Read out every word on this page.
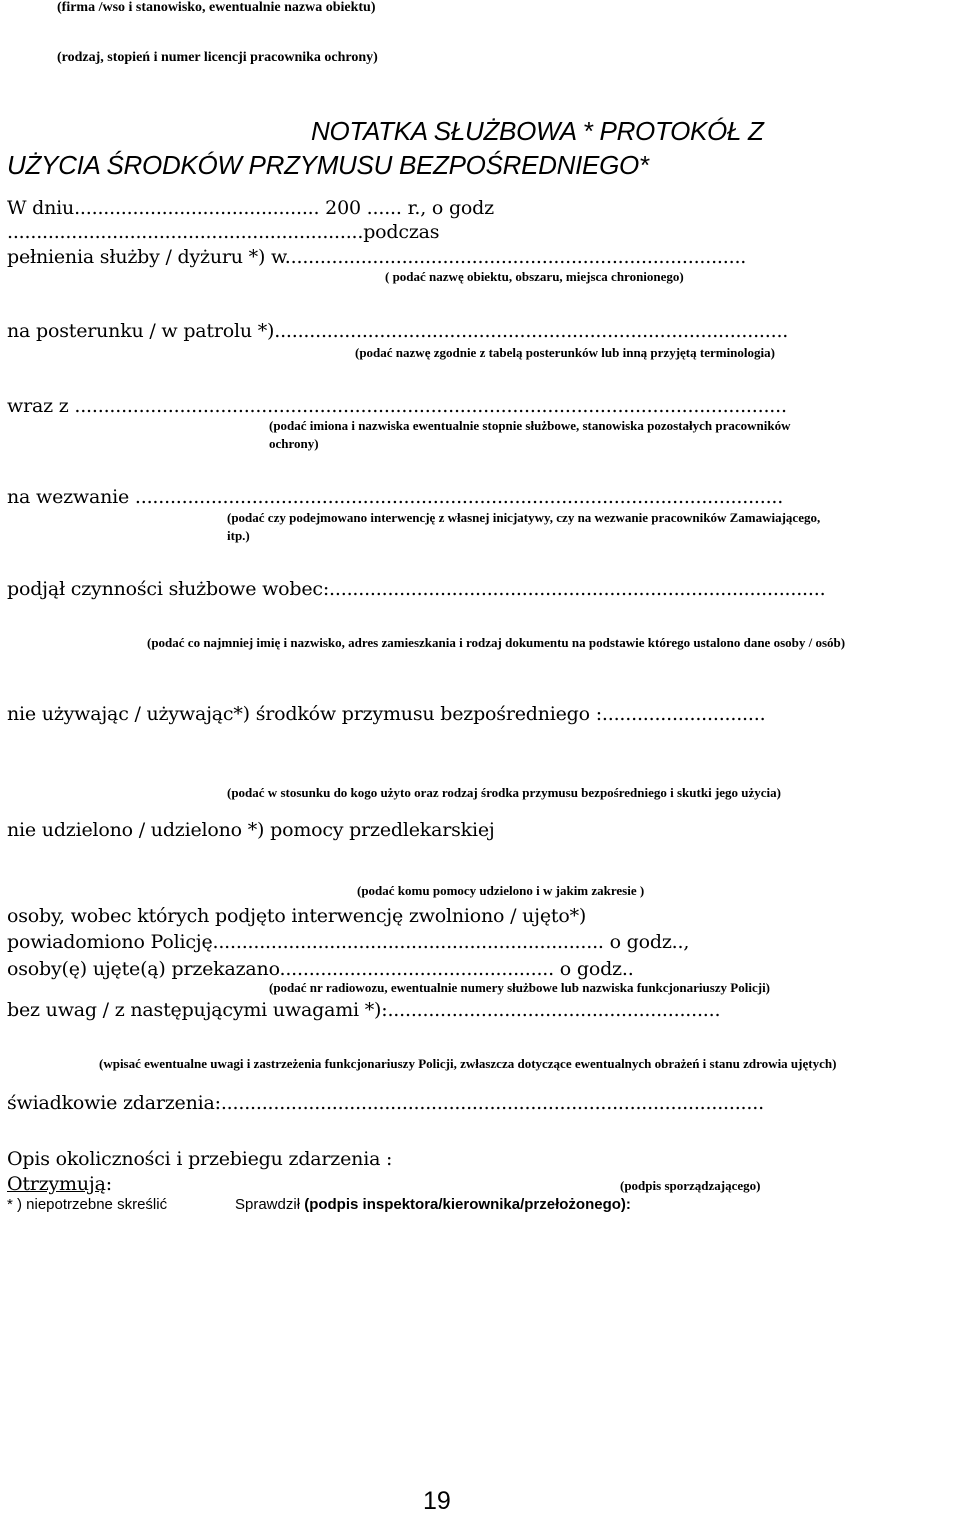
(firma /wso i stanowisko, ewentualnie nazwa obiektu)
(rodzaj, stopień i numer licencji pracownika ochrony)
NOTATKA SŁUŻBOWA * PROTOKÓŁ Z
UŻYCIA ŚRODKÓW PRZYMUSU BEZPOŚREDNIEGO*
W dniu.......................................... 200 ...... r., o godz
.............................................................podczas
pełnienia służby / dyżuru *) w...............................................................................
( podać nazwę obiektu, obszaru, miejsca chronionego)
na posterunku / w patrolu *)........................................................................................
(podać nazwę zgodnie z tabelą posterunków lub inną przyjętą terminologia)
wraz z ..........................................................................................................................
(podać imiona i nazwiska ewentualnie stopnie służbowe, stanowiska pozostałych pracowników ochrony)
na wezwanie ...............................................................................................................
(podać czy podejmowano interwencję z własnej inicjatywy, czy na wezwanie pracowników Zamawiającego, itp.)
podjął czynności służbowe wobec:.....................................................................................
(podać co najmniej imię i nazwisko, adres zamieszkania i rodzaj dokumentu na podstawie którego ustalono dane osoby / osób)
nie używając / używając*) środków przymusu bezpośredniego :............................
(podać w stosunku do kogo użyto oraz rodzaj środka przymusu bezpośredniego i skutki jego użycia)
nie udzielono / udzielono *) pomocy przedlekarskiej
(podać komu pomocy udzielono i w jakim zakresie )
osoby, wobec których podjęto interwencję zwolniono / ujęto*)
powiadomiono Policję................................................................... o godz..,
osoby(ę) ujęte(ą) przekazano............................................... o godz..
(podać nr radiowozu, ewentualnie numery służbowe lub nazwiska funkcjonariuszy Policji)
bez uwag / z następującymi uwagami *):.........................................................
(wpisać ewentualne uwagi i zastrzeżenia funkcjonariuszy Policji, zwłaszcza dotyczące ewentualnych obrażeń i stanu zdrowia ujętych)
świadkowie zdarzenia:.............................................................................................
Opis okoliczności i przebiegu zdarzenia :
Otrzymują:	(podpis sporządzającego)
* ) niepotrzebne skreślić	Sprawdził (podpis inspektora/kierownika/przełożonego):
19
